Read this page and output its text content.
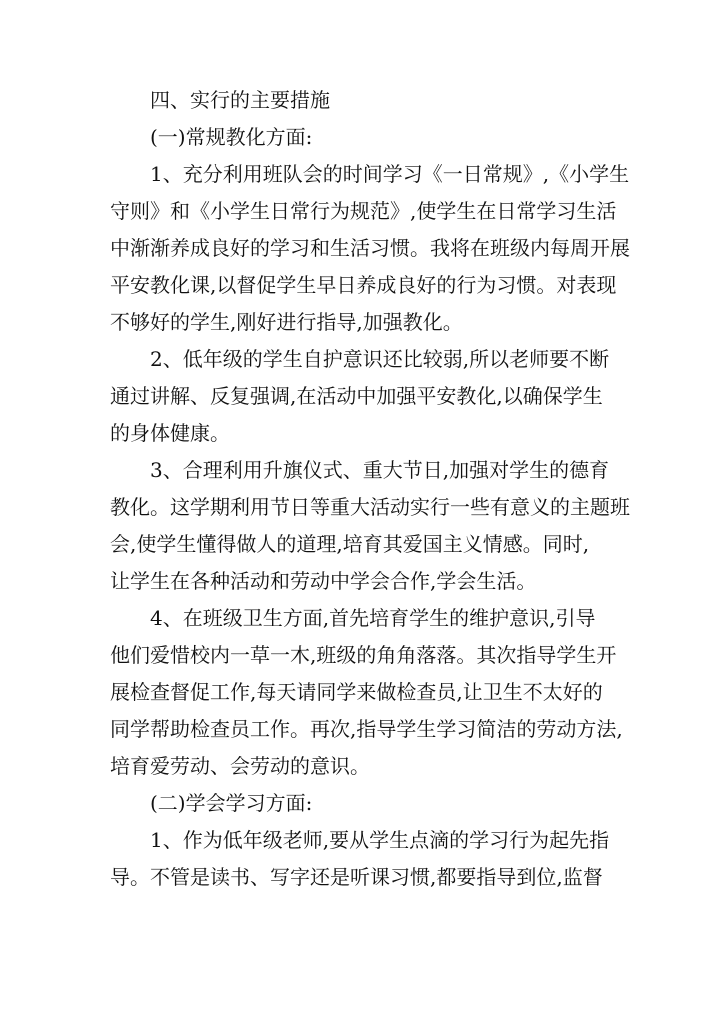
四、实行的主要措施
(一)常规教化方面:
1、充分利用班队会的时间学习《一日常规》,《小学生
守则》和《小学生日常行为规范》,使学生在日常学习生活
中渐渐养成良好的学习和生活习惯。我将在班级内每周开展
平安教化课,以督促学生早日养成良好的行为习惯。对表现
不够好的学生,刚好进行指导,加强教化。
2、低年级的学生自护意识还比较弱,所以老师要不断
通过讲解、反复强调,在活动中加强平安教化,以确保学生
的身体健康。
3、合理利用升旗仪式、重大节日,加强对学生的德育
教化。这学期利用节日等重大活动实行一些有意义的主题班
会,使学生懂得做人的道理,培育其爱国主义情感。同时,
让学生在各种活动和劳动中学会合作,学会生活。
4、在班级卫生方面,首先培育学生的维护意识,引导
他们爱惜校内一草一木,班级的角角落落。其次指导学生开
展检查督促工作,每天请同学来做检查员,让卫生不太好的
同学帮助检查员工作。再次,指导学生学习简洁的劳动方法,
培育爱劳动、会劳动的意识。
(二)学会学习方面:
1、作为低年级老师,要从学生点滴的学习行为起先指
导。不管是读书、写字还是听课习惯,都要指导到位,监督
